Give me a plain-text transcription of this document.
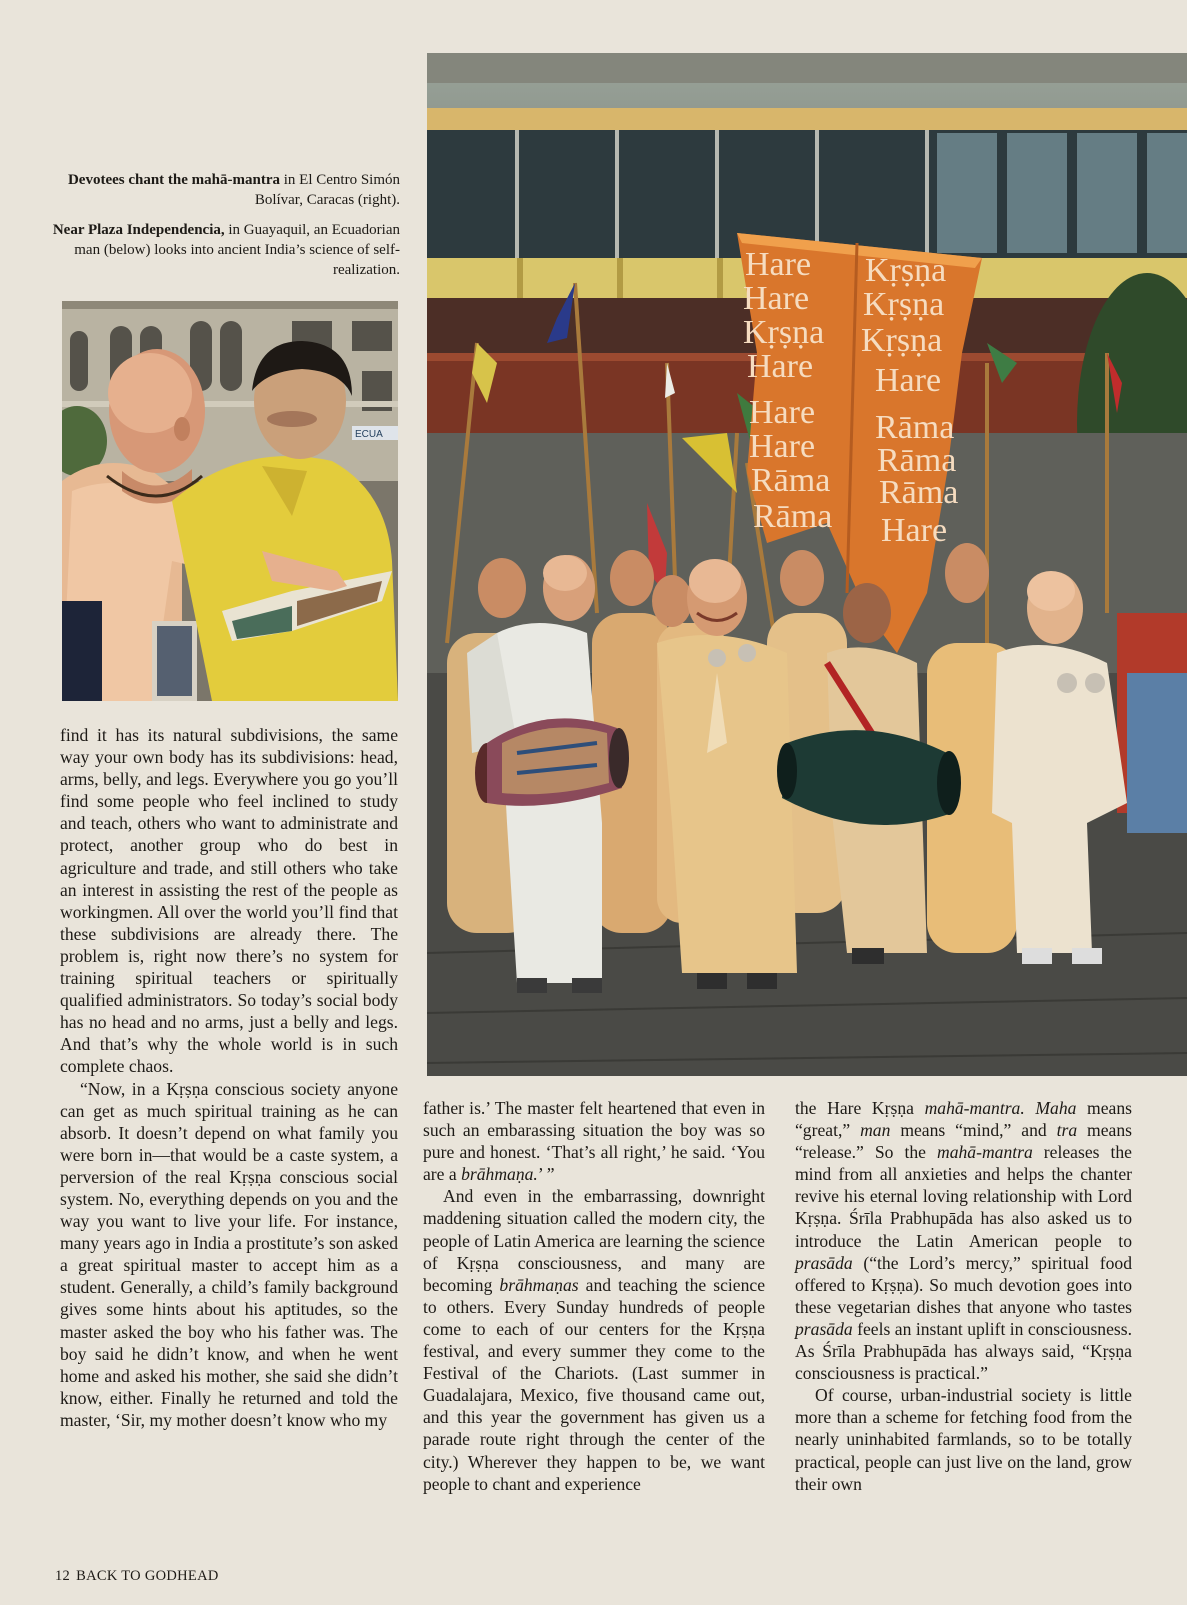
Devotees chant the mahā-mantra in El Centro Simón Bolívar, Caracas (right).

Near Plaza Independencia, in Guayaquil, an Ecuadorian man (below) looks into ancient India’s science of self-realization.

ECUA
Hare
Hare
Kṛṣṇa
Hare
Hare
Hare
Rāma
Rāma
Kṛṣṇa
Kṛṣṇa
Kṛṣṇa
Hare
Rāma
Rāma
Rāma
Hare

find it has its natural subdivisions, the same way your own body has its subdivisions: head, arms, belly, and legs. Everywhere you go you’ll find some people who feel inclined to study and teach, others who want to administrate and protect, another group who do best in agriculture and trade, and still others who take an interest in assisting the rest of the people as workingmen. All over the world you’ll find that these subdivisions are already there. The problem is, right now there’s no system for training spiritual teachers or spiritually qualified administrators. So today’s social body has no head and no arms, just a belly and legs. And that’s why the whole world is in such complete chaos.

“Now, in a Kṛṣṇa conscious society anyone can get as much spiritual training as he can absorb. It doesn’t depend on what family you were born in—that would be a caste system, a perversion of the real Kṛṣṇa conscious social system. No, everything depends on you and the way you want to live your life. For instance, many years ago in India a prostitute’s son asked a great spiritual master to accept him as a student. Generally, a child’s family background gives some hints about his aptitudes, so the master asked the boy who his father was. The boy said he didn’t know, and when he went home and asked his mother, she said she didn’t know, either. Finally he returned and told the master, ‘Sir, my mother doesn’t know who my

father is.’ The master felt heartened that even in such an embarassing situation the boy was so pure and honest. ‘That’s all right,’ he said. ‘You are a brāhmaṇa.’ ”

And even in the embarrassing, downright maddening situation called the modern city, the people of Latin America are learning the science of Kṛṣṇa consciousness, and many are becoming brāhmaṇas and teaching the science to others. Every Sunday hundreds of people come to each of our centers for the Kṛṣṇa festival, and every summer they come to the Festival of the Chariots. (Last summer in Guadalajara, Mexico, five thousand came out, and this year the government has given us a parade route right through the center of the city.) Wherever they happen to be, we want people to chant and experience

the Hare Kṛṣṇa mahā-mantra. Maha means “great,” man means “mind,” and tra means “release.” So the mahā-mantra releases the mind from all anxieties and helps the chanter revive his eternal loving relationship with Lord Kṛṣṇa. Śrīla Prabhupāda has also asked us to introduce the Latin American people to prasāda (“the Lord’s mercy,” spiritual food offered to Kṛṣṇa). So much devotion goes into these vegetarian dishes that anyone who tastes prasāda feels an instant uplift in consciousness. As Śrīla Prabhupāda has always said, “Kṛṣṇa consciousness is practical.”

Of course, urban-industrial society is little more than a scheme for fetching food from the nearly uninhabited farmlands, so to be totally practical, people can just live on the land, grow their own

12 BACK TO GODHEAD
